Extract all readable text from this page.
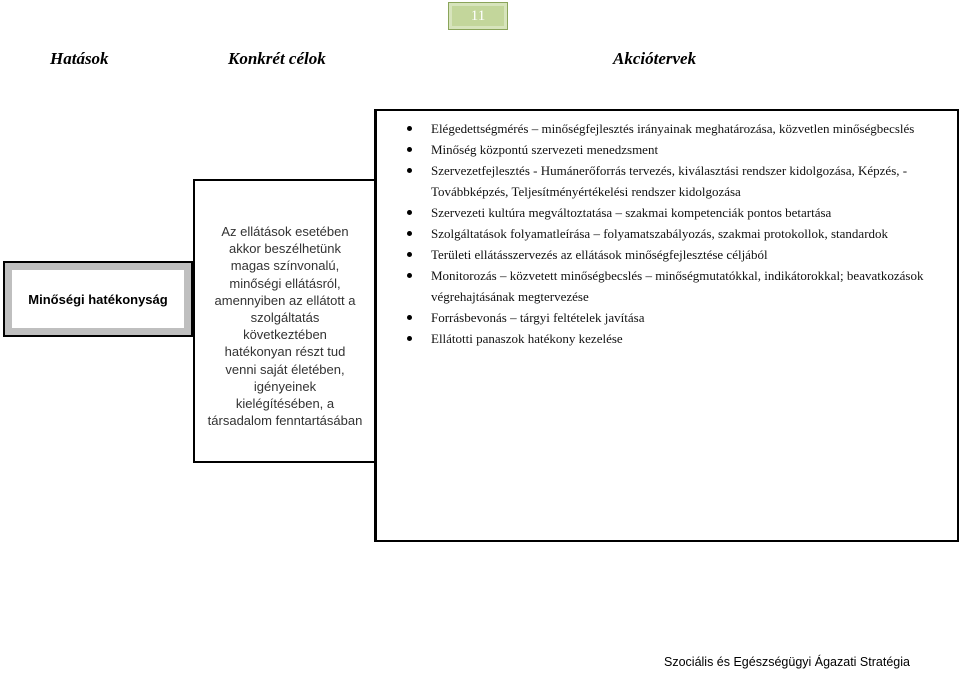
11
Hatások	Konkrét célok	Akciótervek
Minőségi hatékonyság
Az ellátások esetében
akkor beszélhetünk
magas színvonalú,
minőségi ellátásról,
amennyiben az ellátott a
szolgáltatás
következtében
hatékonyan részt tud
venni saját életében,
igényeinek
kielégítésében, a
társadalom fenntartásában
Elégedettségmérés – minőségfejlesztés irányainak meghatározása, közvetlen minőségbecslés
Minőség központú szervezeti menedzsment
Szervezetfejlesztés - Humánerőforrás tervezés, kiválasztási rendszer kidolgozása, Képzés, - Továbbképzés, Teljesítményértékelési rendszer kidolgozása
Szervezeti kultúra megváltoztatása – szakmai kompetenciák pontos betartása
Szolgáltatások folyamatleírása – folyamatszabályozás, szakmai protokollok, standardok
Területi ellátásszervezés az ellátások minőségfejlesztése céljából
Monitorozás – közvetett minőségbecslés – minőségmutatókkal, indikátorokkal; beavatkozások végrehajtásának megtervezése
Forrásbevonás – tárgyi feltételek javítása
Ellátotti panaszok hatékony kezelése
Szociális és Egészségügyi Ágazati Stratégia
